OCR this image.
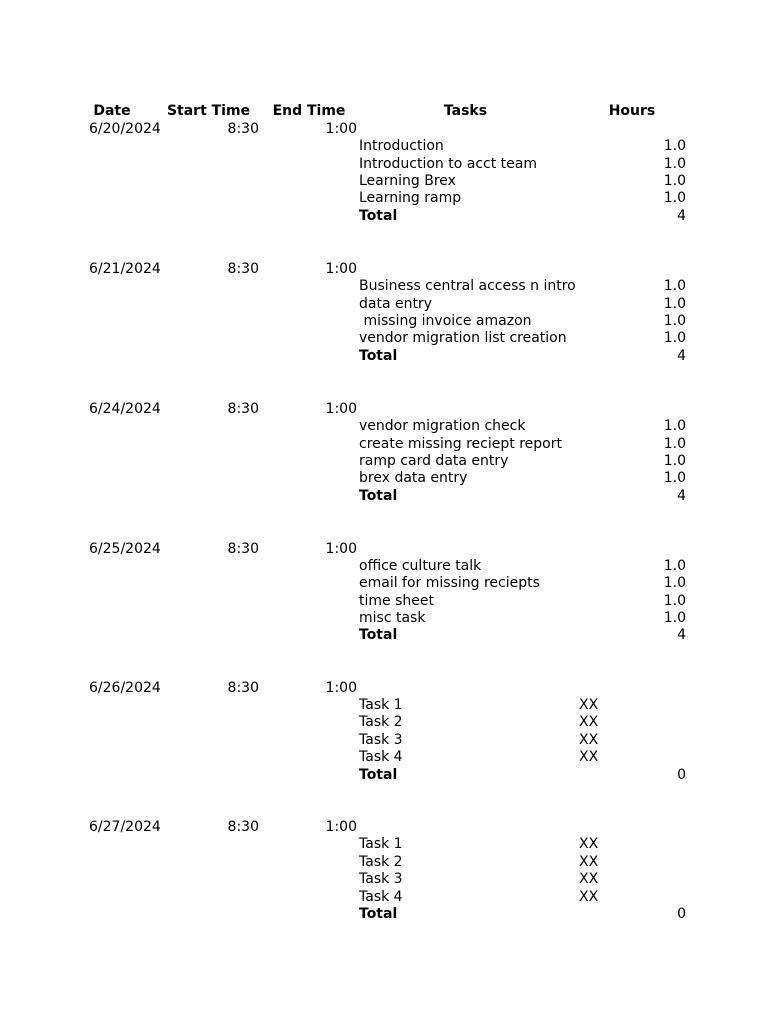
Date	Start Time	End Time	Tasks	Hours
6/20/2024	8:30	1:00
Introduction	1.0
Introduction to acct team	1.0
Learning Brex	1.0
Learning ramp	1.0
Total	4
6/21/2024	8:30	1:00
Business central access n intro	1.0
data entry	1.0
missing invoice amazon	1.0
vendor migration list creation	1.0
Total	4
6/24/2024	8:30	1:00
vendor migration check	1.0
create missing reciept report	1.0
ramp card data entry	1.0
brex data entry	1.0
Total	4
6/25/2024	8:30	1:00
office culture talk	1.0
email for missing reciepts	1.0
time sheet	1.0
misc task	1.0
Total	4
6/26/2024	8:30	1:00
Task 1	XX
Task 2	XX
Task 3	XX
Task 4	XX
Total	0
6/27/2024	8:30	1:00
Task 1	XX
Task 2	XX
Task 3	XX
Task 4	XX
Total	0
